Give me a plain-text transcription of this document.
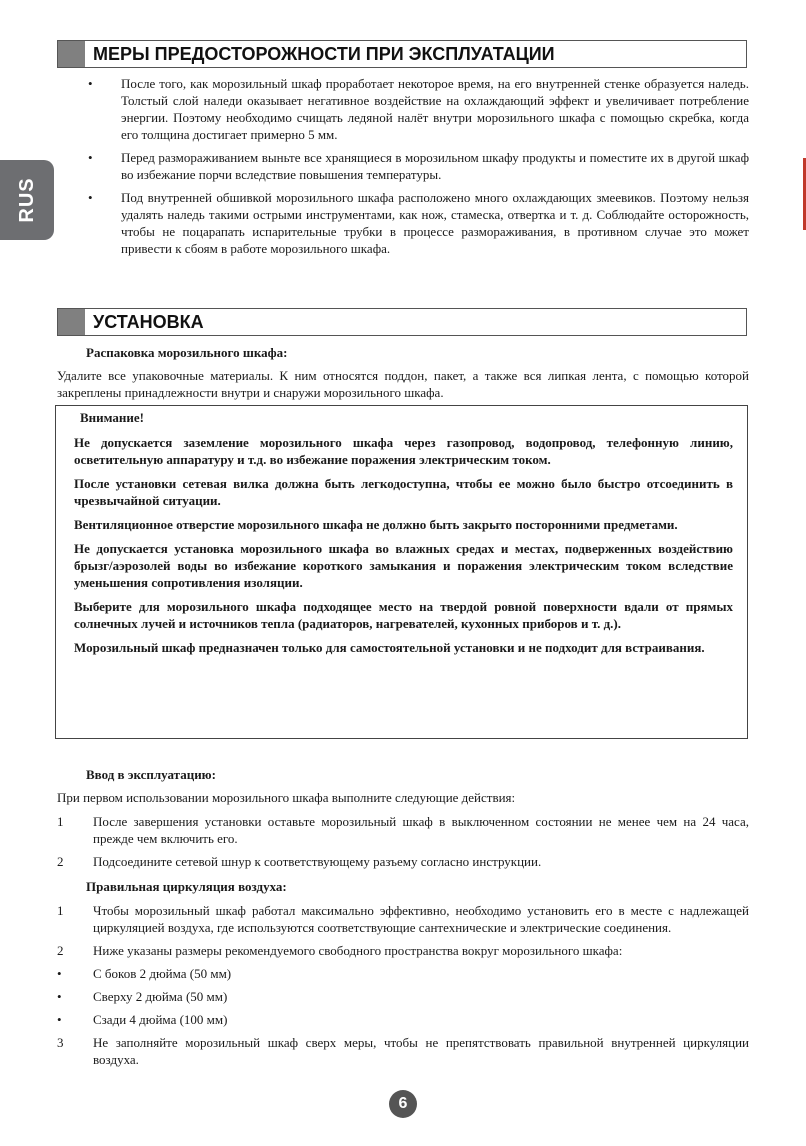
RUS
МЕРЫ ПРЕДОСТОРОЖНОСТИ ПРИ ЭКСПЛУАТАЦИИ
• После того, как морозильный шкаф проработает некоторое время, на его внутренней стенке образуется наледь. Толстый слой наледи оказывает негативное воздействие на охлаждающий эффект и увеличивает потребление энергии. Поэтому необходимо счищать ледяной налёт внутри морозильного шкафа с помощью скребка, когда его толщина достигает примерно 5 мм.
• Перед размораживанием выньте все хранящиеся в морозильном шкафу продукты и поместите их в другой шкаф во избежание порчи вследствие повышения температуры.
• Под внутренней обшивкой морозильного шкафа расположено много охлаждающих змеевиков. Поэтому нельзя удалять наледь такими острыми инструментами, как нож, стамеска, отвертка и т. д. Соблюдайте осторожность, чтобы не поцарапать испарительные трубки в процессе размораживания, в противном случае это может привести к сбоям в работе морозильного шкафа.
УСТАНОВКА
Распаковка морозильного шкафа:
Удалите все упаковочные материалы. К ним относятся поддон, пакет, а также вся липкая лента, с помощью которой закреплены принадлежности внутри и снаружи морозильного шкафа.
Внимание!

Не допускается заземление морозильного шкафа через газопровод, водопровод, телефонную линию, осветительную аппаратуру и т.д. во избежание поражения электрическим током.

После установки сетевая вилка должна быть легкодоступна, чтобы ее можно было быстро отсоединить в чрезвычайной ситуации.

Вентиляционное отверстие морозильного шкафа не должно быть закрыто посторонними предметами.

Не допускается установка морозильного шкафа во влажных средах и местах, подверженных воздействию брызг/аэрозолей воды во избежание короткого замыкания и поражения электрическим током вследствие уменьшения сопротивления изоляции.

Выберите для морозильного шкафа подходящее место на твердой ровной поверхности вдали от прямых солнечных лучей и источников тепла (радиаторов, нагревателей, кухонных приборов и т. д.).

Морозильный шкаф предназначен только для самостоятельной установки и не подходит для встраивания.

Ввод в эксплуатацию:
При первом использовании морозильного шкафа выполните следующие действия:
1 После завершения установки оставьте морозильный шкаф в выключенном состоянии не менее чем на 24 часа, прежде чем включить его.
2 Подсоедините сетевой шнур к соответствующему разъему согласно инструкции.
Правильная циркуляция воздуха:
1 Чтобы морозильный шкаф работал максимально эффективно, необходимо установить его в месте с надлежащей циркуляцией воздуха, где используются соответствующие сантехнические и электрические соединения.
2 Ниже указаны размеры рекомендуемого свободного пространства вокруг морозильного шкафа:
• С боков 2 дюйма (50 мм)
• Сверху 2 дюйма (50 мм)
• Сзади 4 дюйма (100 мм)
3 Не заполняйте морозильный шкаф сверх меры, чтобы не препятствовать правильной внутренней циркуляции воздуха.
6
